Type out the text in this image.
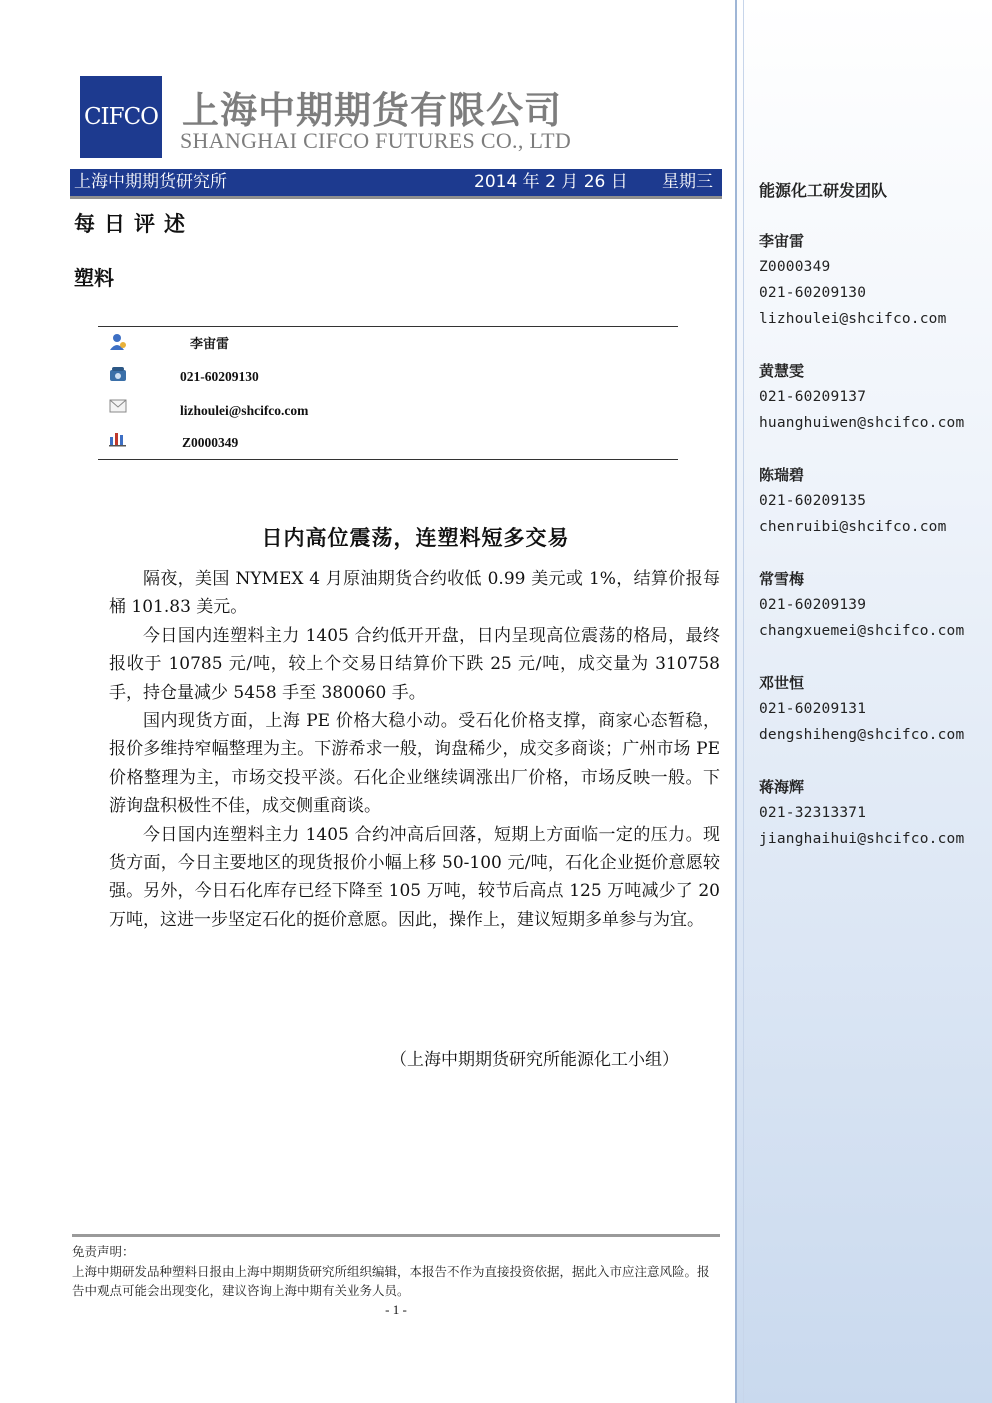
能源化工研发团队
李宙雷
Z0000349
021-60209130
lizhoulei@shcifco.com
黄慧雯
021-60209137
huanghuiwen@shcifco.com
陈瑞碧
021-60209135
chenruibi@shcifco.com
常雪梅
021-60209139
changxuemei@shcifco.com
邓世恒
021-60209131
dengshiheng@shcifco.com
蒋海辉
021-32313371
jianghaihui@shcifco.com
CIFCO 上海中期期货有限公司
SHANGHAI CIFCO FUTURES CO., LTD
上海中期期货研究所	2014 年 2 月 26 日 星期三
每日评述
塑料
李宙雷
021-60209130
lizhoulei@shcifco.com
Z0000349
日内高位震荡，连塑料短多交易

隔夜，美国 NYMEX 4 月原油期货合约收低 0.99 美元或 1%，结算价报每桶 101.83 美元。

今日国内连塑料主力 1405 合约低开开盘，日内呈现高位震荡的格局，最终报收于 10785 元/吨，较上个交易日结算价下跌 25 元/吨，成交量为 310758 手，持仓量减少 5458 手至 380060 手。

国内现货方面，上海 PE 价格大稳小动。受石化价格支撑，商家心态暂稳，报价多维持窄幅整理为主。下游希求一般，询盘稀少，成交多商谈；广州市场 PE 价格整理为主，市场交投平淡。石化企业继续调涨出厂价格，市场反映一般。下游询盘积极性不佳，成交侧重商谈。

今日国内连塑料主力 1405 合约冲高后回落，短期上方面临一定的压力。现货方面，今日主要地区的现货报价小幅上移 50-100 元/吨，石化企业挺价意愿较强。另外，今日石化库存已经下降至 105 万吨，较节后高点 125 万吨减少了 20 万吨，这进一步坚定石化的挺价意愿。因此，操作上，建议短期多单参与为宜。

（上海中期期货研究所能源化工小组）
免责声明：
上海中期研发品种塑料日报由上海中期期货研究所组织编辑，本报告不作为直接投资依据，据此入市应注意风险。报告中观点可能会出现变化，建议咨询上海中期有关业务人员。
- 1 -
